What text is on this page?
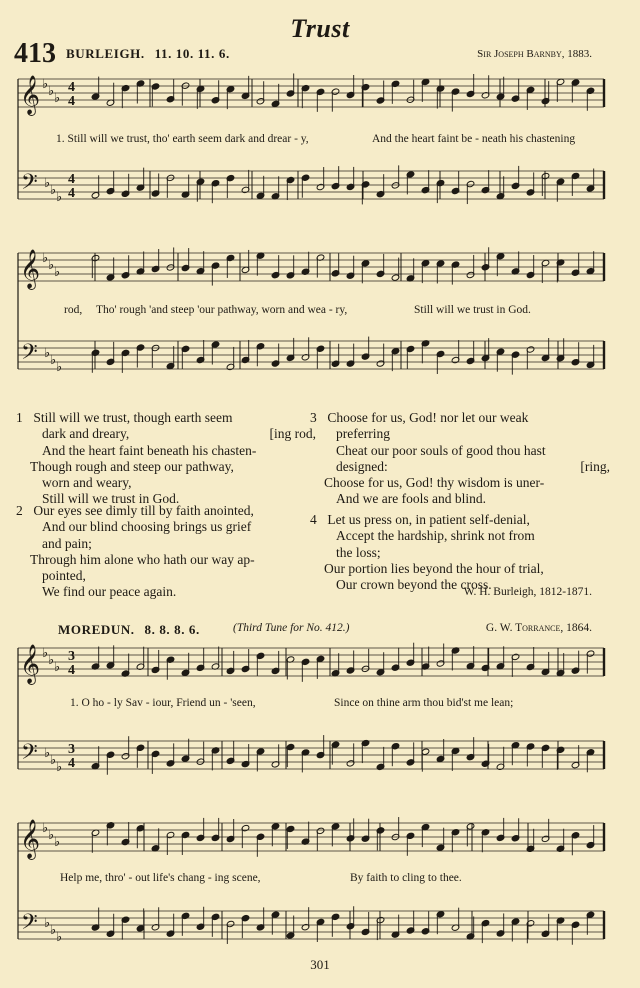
Trust
413 BURLEIGH. 11. 10. 11. 6.	Sir Joseph Barnby, 1883.
𝄞
𝄢
♭ ♭ ♭
♭ ♭ ♭
4
4
4
4
𝄞
𝄢
♭ ♭ ♭
♭ ♭ ♭
𝄞
𝄢
♭ ♭ ♭
♭ ♭ ♭
3
4
3
4
𝄞
𝄢
♭ ♭ ♭
♭ ♭ ♭
1. Still will we trust, tho' earth seem dark and drear - y,	And the heart faint be - neath his chastening
rod, Tho' rough 'and steep 'our pathway, worn and wea - ry,	Still will we trust in God.
1 Still will we trust, though earth seem
dark and dreary,	[ing rod,
And the heart faint beneath his chasten-
Though rough and steep our pathway,
worn and weary,
Still will we trust in God.
2 Our eyes see dimly till by faith anointed,
And our blind choosing brings us grief
and pain;
Through him alone who hath our way ap-
pointed,
We find our peace again.
3 Choose for us, God! nor let our weak
preferring
Cheat our poor souls of good thou hast
designed:	[ring,
Choose for us, God! thy wisdom is uner-
And we are fools and blind.
4 Let us press on, in patient self-denial,
Accept the hardship, shrink not from
the loss;
Our portion lies beyond the hour of trial,
Our crown beyond the cross.
W. H. Burleigh, 1812-1871.
MOREDUN. 8. 8. 8. 6.	(Third Tune for No. 412.)	G. W. Torrance, 1864.
1. O ho - ly Sav - iour, Friend un - 'seen,	Since on thine arm thou bid'st me lean;
Help me, thro' - out life's chang - ing scene,	By faith to cling to thee.
301
